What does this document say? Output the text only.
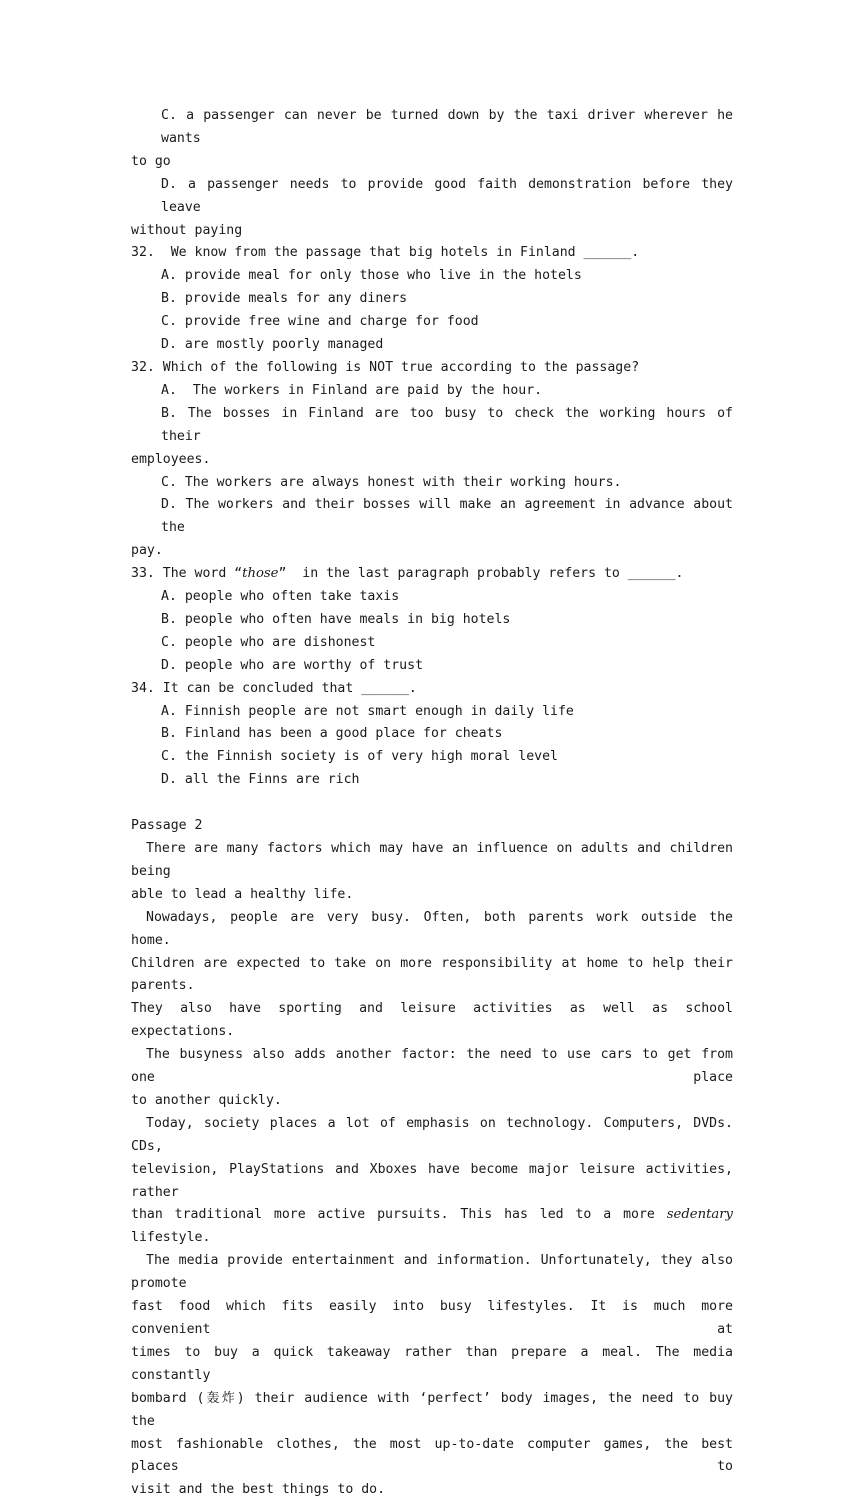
C. a passenger can never be turned down by the taxi driver wherever he wants
to go
D. a passenger needs to provide good faith demonstration before they leave
without paying
32.  We know from the passage that big hotels in Finland ______.
A. provide meal for only those who live in the hotels
B. provide meals for any diners
C. provide free wine and charge for food
D. are mostly poorly managed
32. Which of the following is NOT true according to the passage?
A.  The workers in Finland are paid by the hour.
B. The bosses in Finland are too busy to check the working hours of their
employees.
C. The workers are always honest with their working hours.
D. The workers and their bosses will make an agreement in advance about the
pay.
33. The word “those”  in the last paragraph probably refers to ______.
A. people who often take taxis
B. people who often have meals in big hotels
C. people who are dishonest
D. people who are worthy of trust
34. It can be concluded that ______.
A. Finnish people are not smart enough in daily life
B. Finland has been a good place for cheats
C. the Finnish society is of very high moral level
D. all the Finns are rich
Passage 2
There are many factors which may have an influence on adults and children being
able to lead a healthy life.
Nowadays, people are very busy. Often, both parents work outside the home.
Children are expected to take on more responsibility at home to help their parents.
They also have sporting and leisure activities as well as school expectations.
The busyness also adds another factor: the need to use cars to get from one place
to another quickly.
Today, society places a lot of emphasis on technology. Computers, DVDs. CDs,
television, PlayStations and Xboxes have become major leisure activities, rather
than traditional more active pursuits. This has led to a more sedentary lifestyle.
The media provide entertainment and information. Unfortunately, they also promote
fast food which fits easily into busy lifestyles. It is much more convenient at
times to buy a quick takeaway rather than prepare a meal. The media constantly
bombard (轰炸) their audience with ‘perfect’ body images, the need to buy the
most fashionable clothes, the most up-to-date computer games, the best places to
visit and the best things to do.
